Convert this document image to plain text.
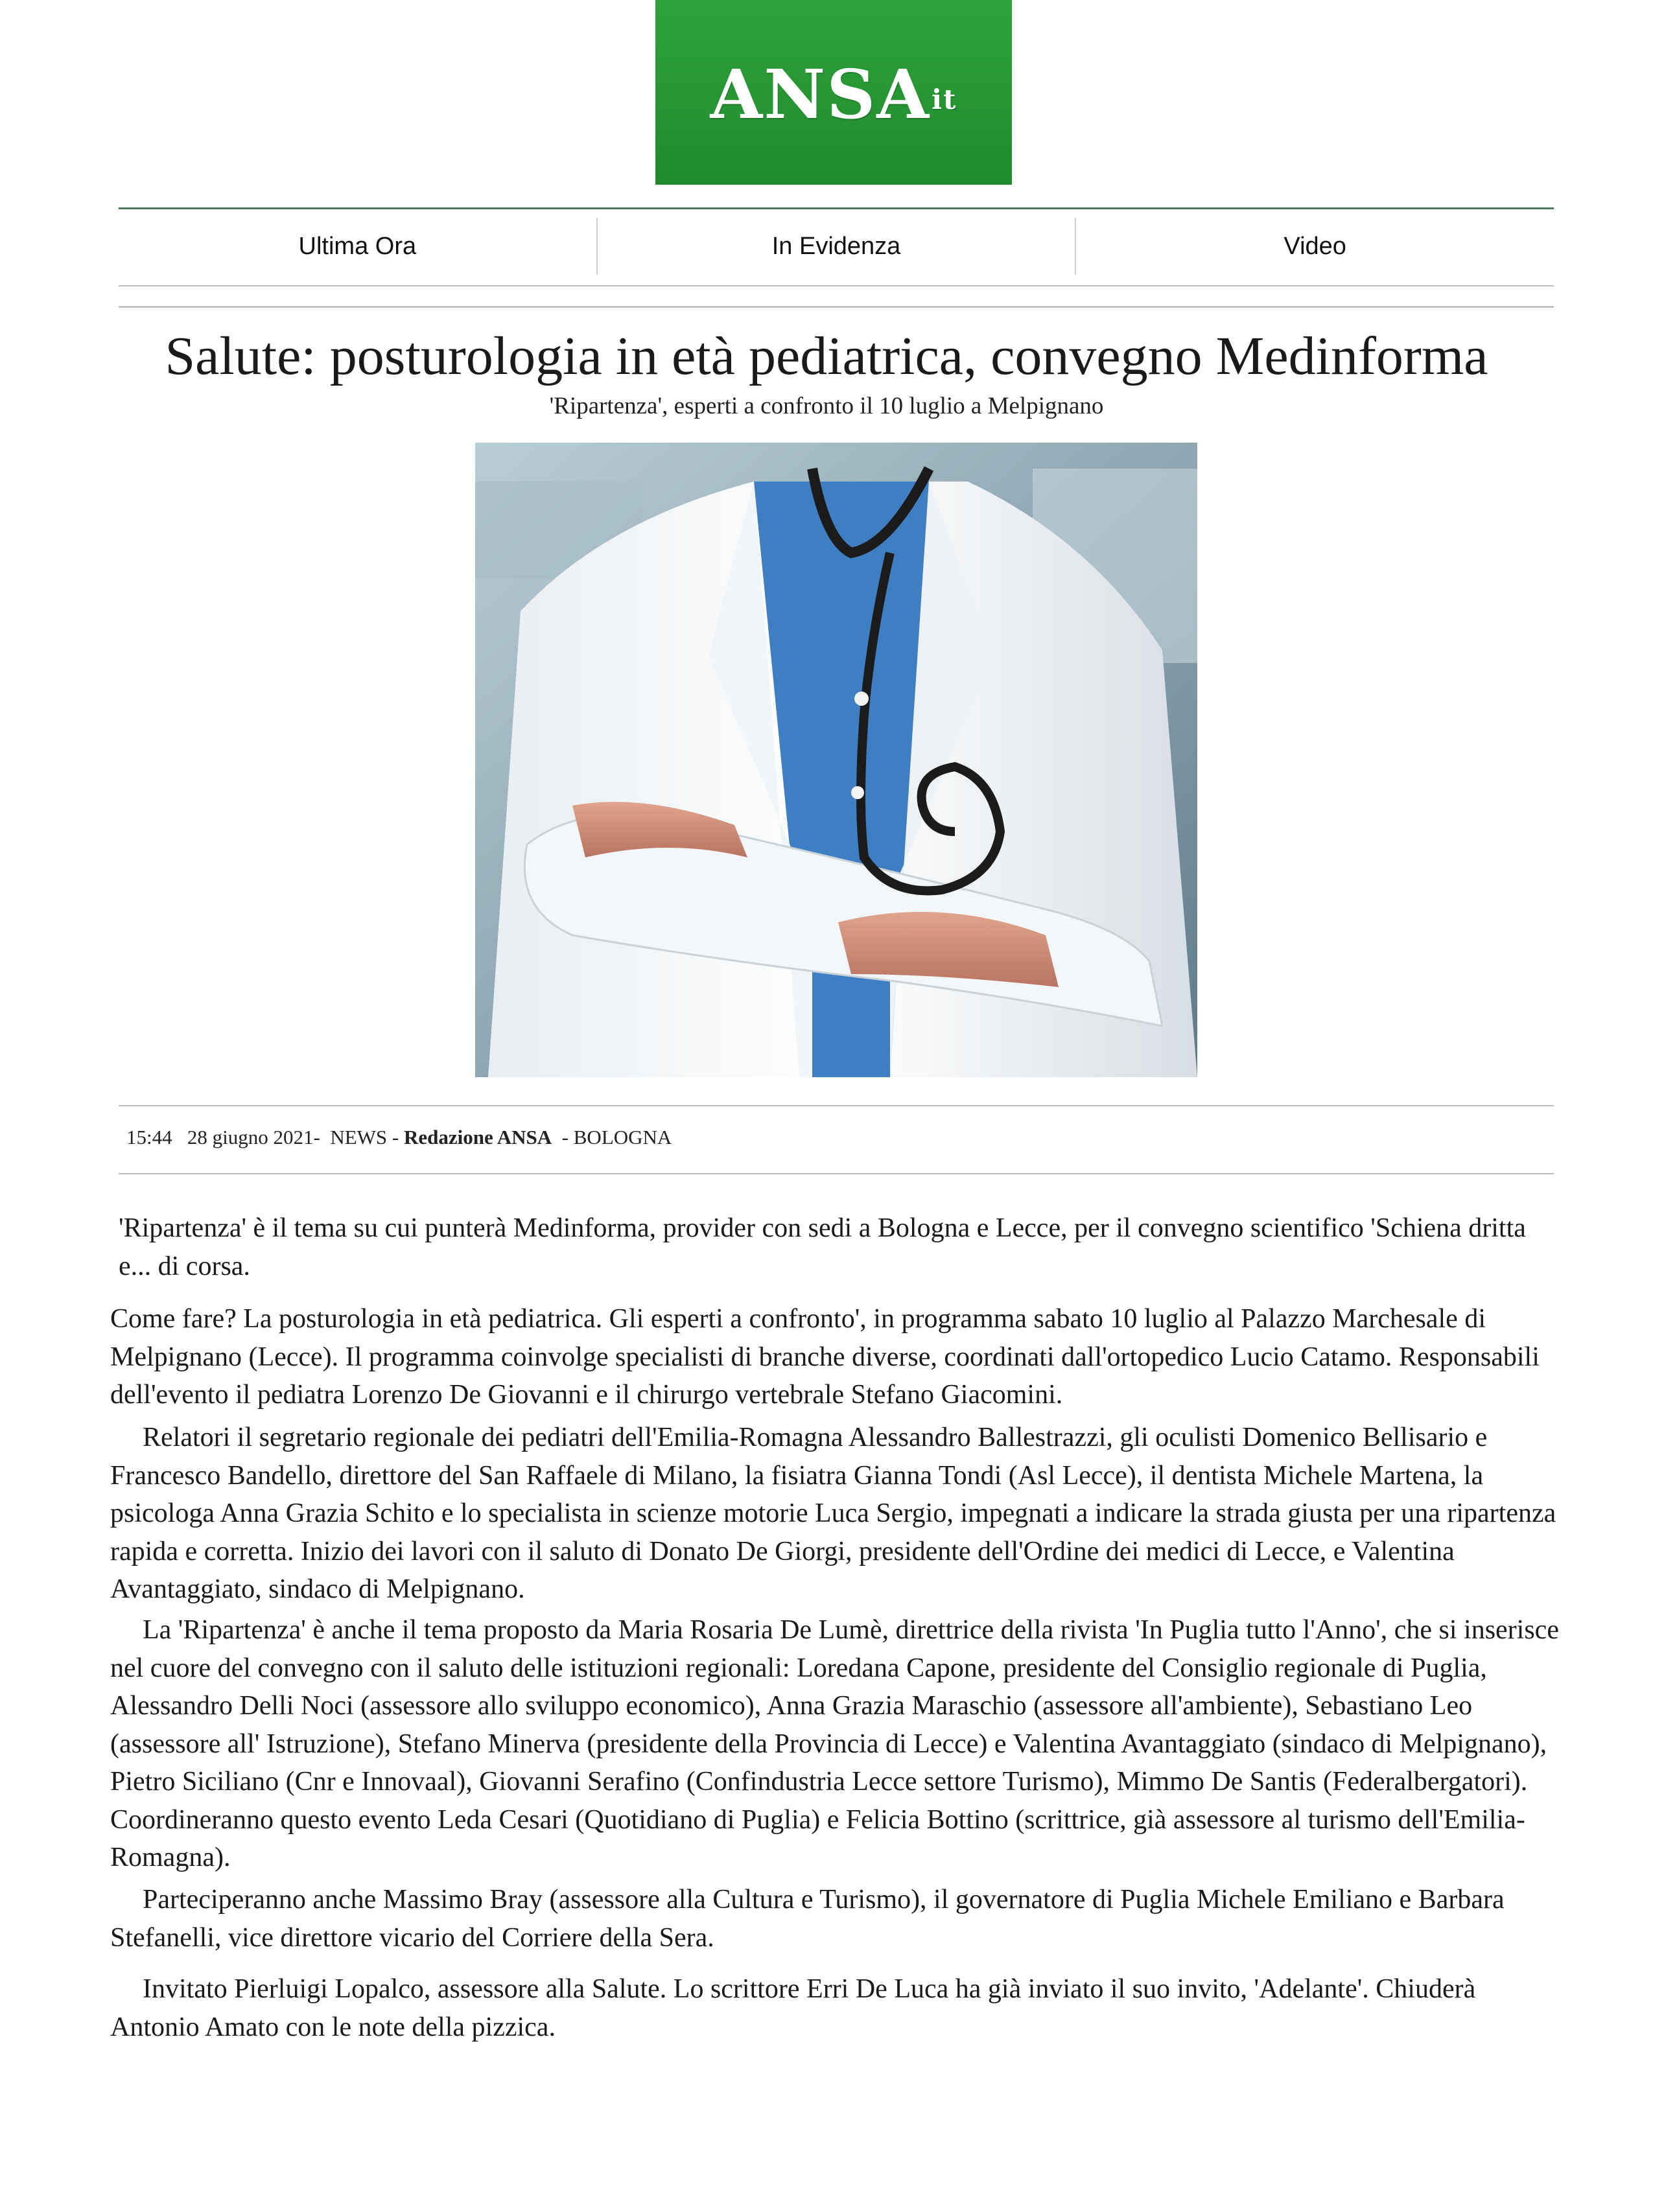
ANSAit
Ultima Ora	In Evidenza	Video
Salute: posturologia in età pediatrica, convegno Medinforma
'Ripartenza', esperti a confronto il 10 luglio a Melpignano
15:44
28 giugno 2021-
NEWS - Redazione ANSA - BOLOGNA

'Ripartenza' è il tema su cui punterà Medinforma, provider con sedi a Bologna e Lecce, per il convegno scientifico 'Schiena dritta e... di corsa.

Come fare? La posturologia in età pediatrica. Gli esperti a confronto', in programma sabato 10 luglio al Palazzo Marchesale di Melpignano (Lecce). Il programma coinvolge specialisti di branche diverse, coordinati dall'ortopedico Lucio Catamo. Responsabili dell'evento il pediatra Lorenzo De Giovanni e il chirurgo vertebrale Stefano Giacomini.

Relatori il segretario regionale dei pediatri dell'Emilia-Romagna Alessandro Ballestrazzi, gli oculisti Domenico Bellisario e Francesco Bandello, direttore del San Raffaele di Milano, la fisiatra Gianna Tondi (Asl Lecce), il dentista Michele Martena, la psicologa Anna Grazia Schito e lo specialista in scienze motorie Luca Sergio, impegnati a indicare la strada giusta per una ripartenza rapida e corretta. Inizio dei lavori con il saluto di Donato De Giorgi, presidente dell'Ordine dei medici di Lecce, e Valentina Avantaggiato, sindaco di Melpignano.

La 'Ripartenza' è anche il tema proposto da Maria Rosaria De Lumè, direttrice della rivista 'In Puglia tutto l'Anno', che si inserisce nel cuore del convegno con il saluto delle istituzioni regionali: Loredana Capone, presidente del Consiglio regionale di Puglia, Alessandro Delli Noci (assessore allo sviluppo economico), Anna Grazia Maraschio (assessore all'ambiente), Sebastiano Leo (assessore all' Istruzione), Stefano Minerva (presidente della Provincia di Lecce) e Valentina Avantaggiato (sindaco di Melpignano), Pietro Siciliano (Cnr e Innovaal), Giovanni Serafino (Confindustria Lecce settore Turismo), Mimmo De Santis (Federalbergatori). Coordineranno questo evento Leda Cesari (Quotidiano di Puglia) e Felicia Bottino (scrittrice, già assessore al turismo dell'Emilia-Romagna).

Parteciperanno anche Massimo Bray (assessore alla Cultura e Turismo), il governatore di Puglia Michele Emiliano e Barbara Stefanelli, vice direttore vicario del Corriere della Sera.

Invitato Pierluigi Lopalco, assessore alla Salute. Lo scrittore Erri De Luca ha già inviato il suo invito, 'Adelante'. Chiuderà Antonio Amato con le note della pizzica.
